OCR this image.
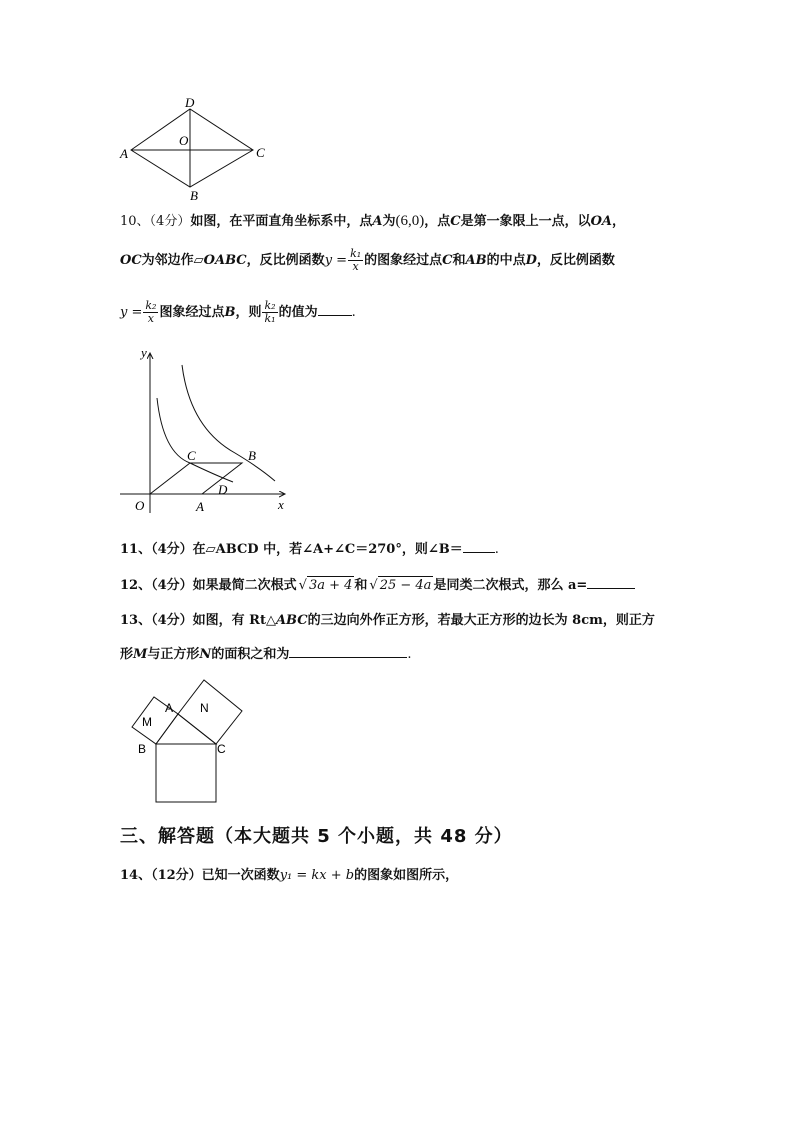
D
O
A	C
B
10、（4分）如图，在平面直角坐标系中，点A为(6,0)，点C是第一象限上一点，以OA，
OC为邻边作▱OABC，反比例函数$y = \frac{\text{k₁}}{x}$ 的图象经过点C和AB的中点D，反比例函数
$y = \frac{\text{k₂}}{x}$ 图象经过点B，则 $\frac{\text{k₂}}{\text{k₁}}$ 的值为	.
y
x
O	A
B
C
D
11、（4分）在▱ABCD 中，若∠A+∠C＝270°，则∠B＝ .
12、（4分）如果最简二次根式 √ 3a + 4 和 √ 25 − 4a 是同类二次根式，那么 a=
13、（4分）如图，有 Rt△ABC的三边向外作正方形，若最大正方形的边长为 8cm，则正方
形M与正方形N的面积之和为	.
M
A N
B	C
三、解答题（本大题共 5 个小题，共 48 分）
14、（12分）已知一次函数y₁ = kx + b的图象如图所示，
